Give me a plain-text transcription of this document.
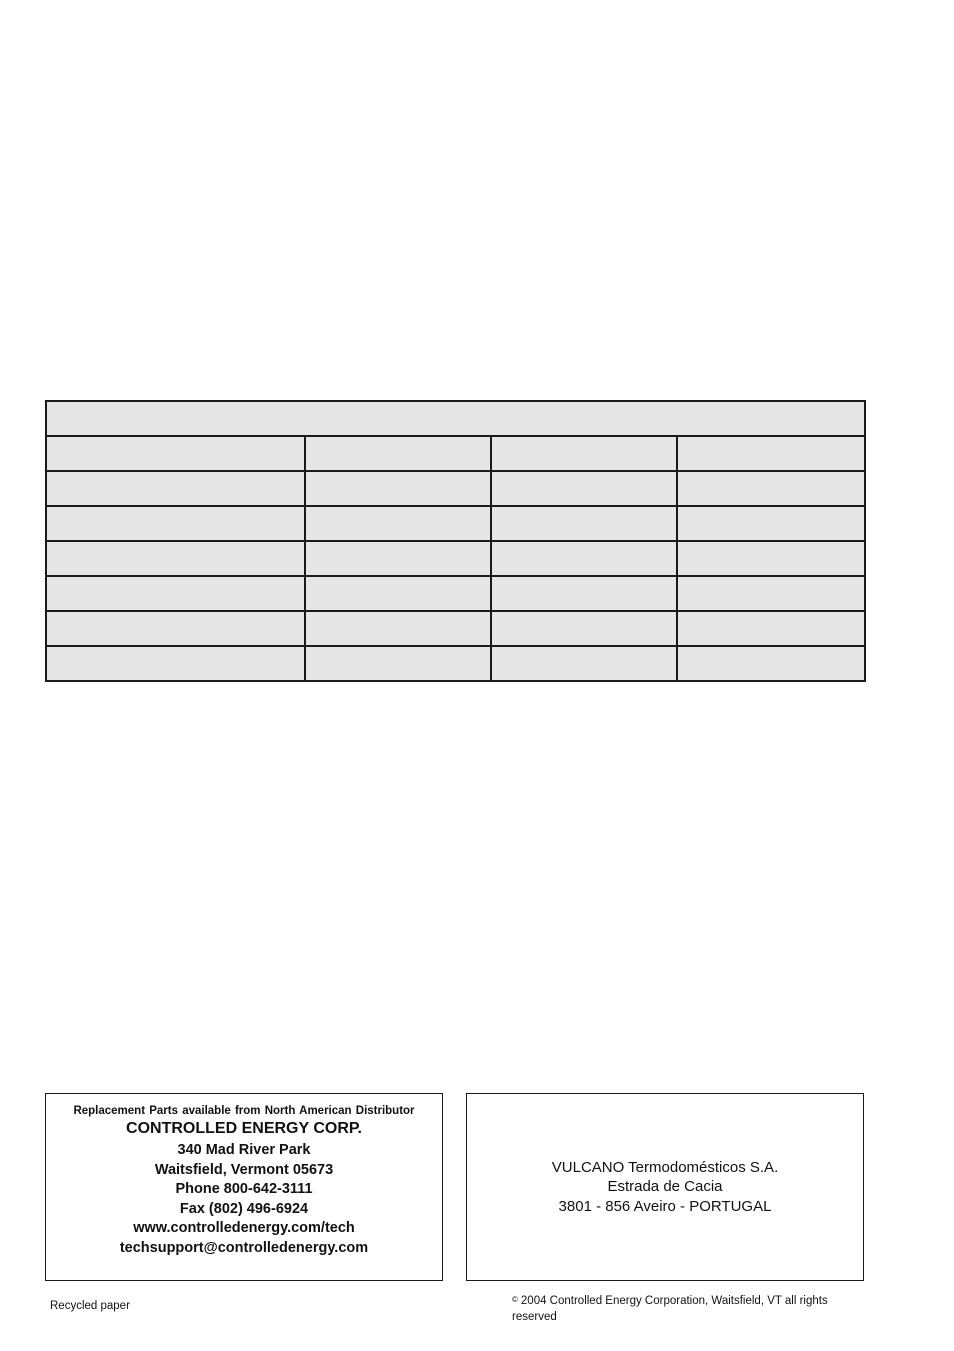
Replacement Parts available from North American Distributor
CONTROLLED ENERGY CORP.
340 Mad River Park
Waitsfield, Vermont 05673
Phone 800-642-3111
Fax (802) 496-6924
www.controlledenergy.com/tech
techsupport@controlledenergy.com
VULCANO Termodomésticos S.A.
Estrada de Cacia
3801 - 856 Aveiro - PORTUGAL
Recycled paper
© 2004 Controlled Energy Corporation, Waitsfield, VT all rights reserved
